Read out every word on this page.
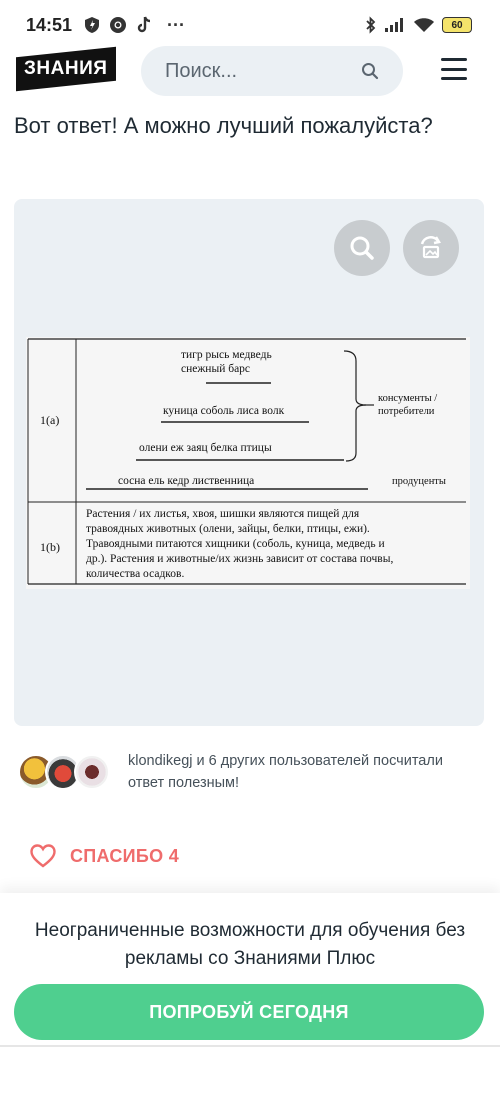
14:51	···	60
ЗНАНИЯ
Поиск...
Вот ответ! А можно лучший пожалуйста?
1(a)
1(b)
тигр рысь медведь
снежный барс
куница соболь лиса волк
олени еж заяц белка птицы
сосна ель кедр лиственница
консументы /
потребители
продуценты
Растения / их листья, хвоя, шишки являются пищей для
травоядных животных (олени, зайцы, белки, птицы, ежи).
Травоядными питаются хищники (соболь, куница, медведь и
др.). Растения и животные/их жизнь зависит от состава почвы,
количества осадков.
klondikegj и 6 других пользователей посчитали ответ полезным!
СПАСИБО 4
Неограниченные возможности для обучения без рекламы со Знаниями Плюс
ПОПРОБУЙ СЕГОДНЯ
